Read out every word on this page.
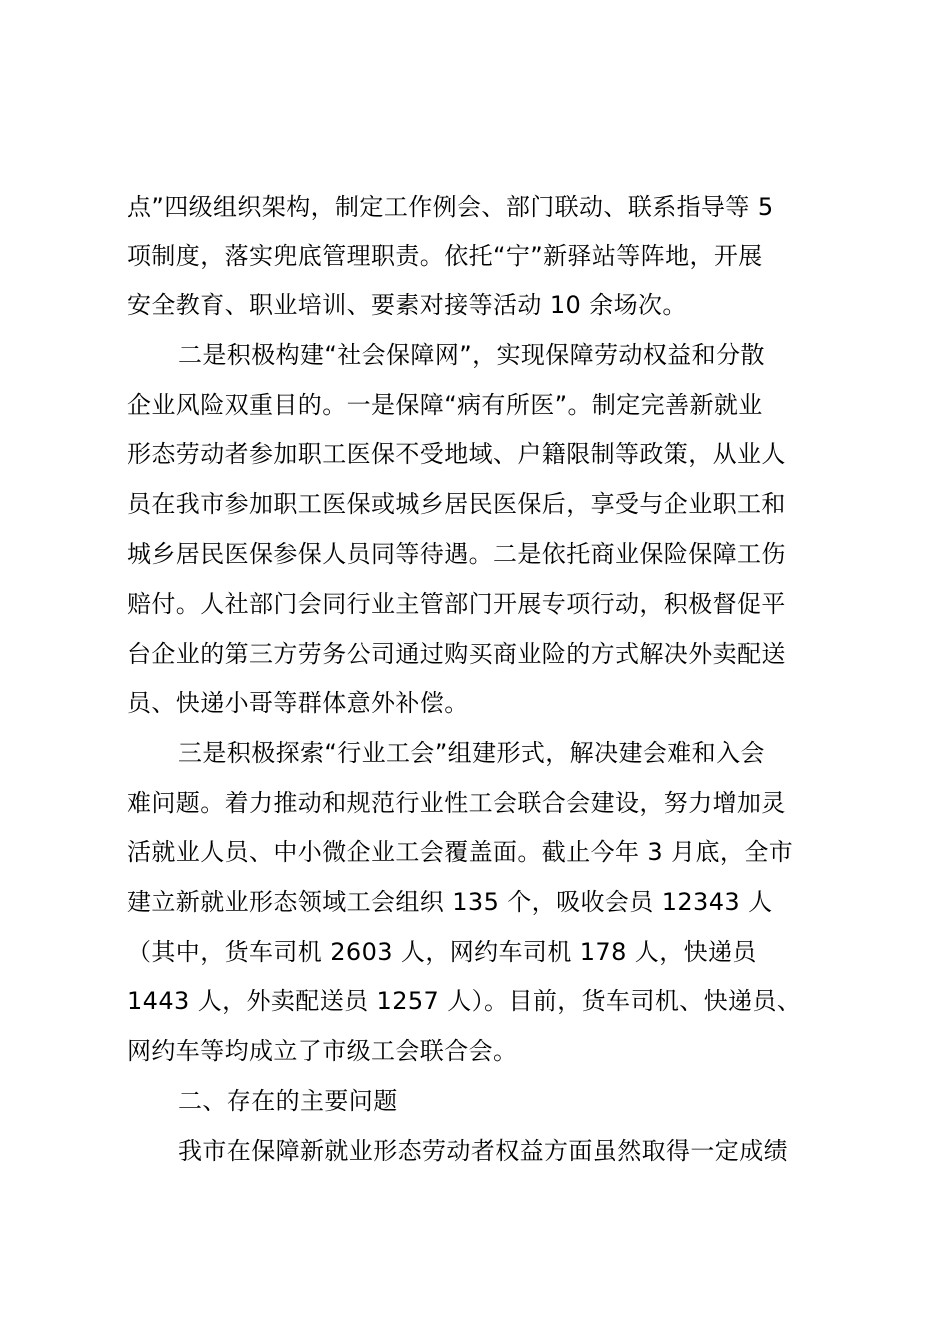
点”四级组织架构，制定工作例会、部门联动、联系指导等 5

项制度，落实兜底管理职责。依托“宁”新驿站等阵地，开展

安全教育、职业培训、要素对接等活动 10 余场次。

二是积极构建“社会保障网”，实现保障劳动权益和分散

企业风险双重目的。一是保障“病有所医”。制定完善新就业

形态劳动者参加职工医保不受地域、户籍限制等政策，从业人

员在我市参加职工医保或城乡居民医保后，享受与企业职工和

城乡居民医保参保人员同等待遇。二是依托商业保险保障工伤

赔付。人社部门会同行业主管部门开展专项行动，积极督促平

台企业的第三方劳务公司通过购买商业险的方式解决外卖配送

员、快递小哥等群体意外补偿。

三是积极探索“行业工会”组建形式，解决建会难和入会

难问题。着力推动和规范行业性工会联合会建设，努力增加灵

活就业人员、中小微企业工会覆盖面。截止今年 3 月底，全市

建立新就业形态领域工会组织 135 个，吸收会员 12343 人

（其中，货车司机 2603 人，网约车司机 178 人，快递员

1443 人，外卖配送员 1257 人）。目前，货车司机、快递员、

网约车等均成立了市级工会联合会。

二、存在的主要问题

我市在保障新就业形态劳动者权益方面虽然取得一定成绩
